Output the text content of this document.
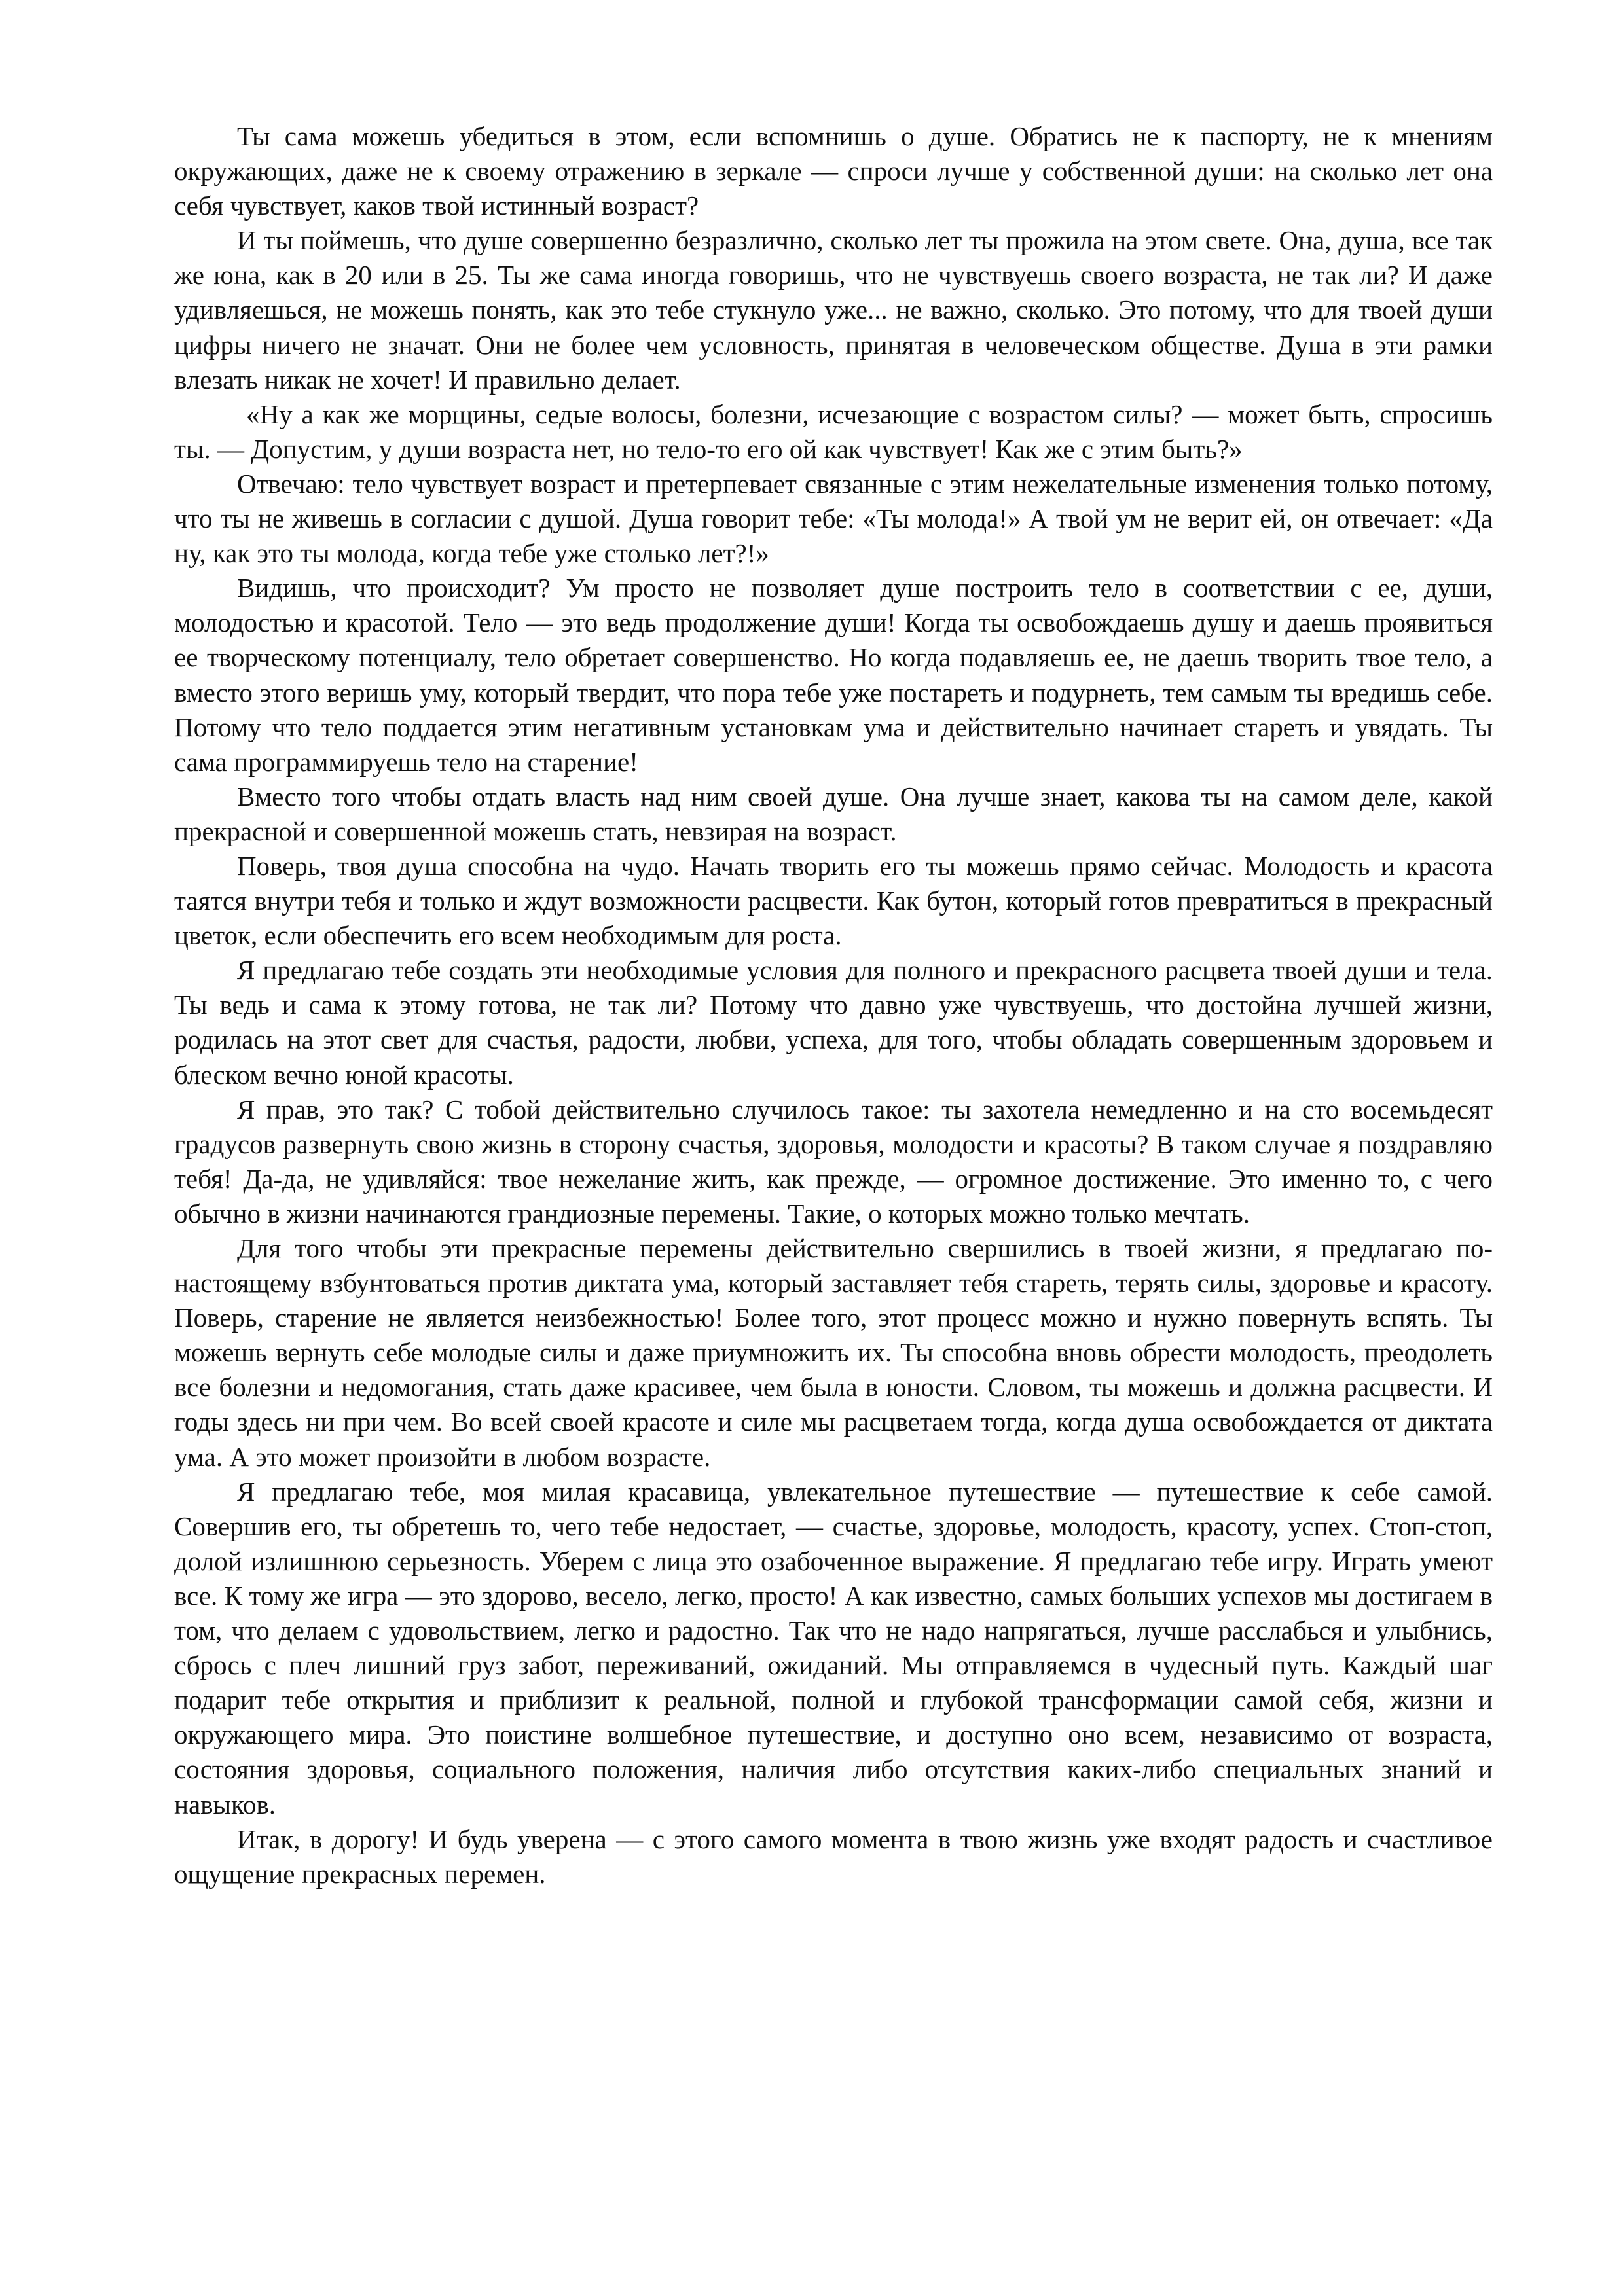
Ты сама можешь убедиться в этом, если вспомнишь о душе. Обратись не к паспорту, не к мнениям окружающих, даже не к своему отражению в зеркале — спроси лучше у собственной души: на сколько лет она себя чувствует, каков твой истинный возраст?

И ты поймешь, что душе совершенно безразлично, сколько лет ты прожила на этом свете. Она, душа, все так же юна, как в 20 или в 25. Ты же сама иногда говоришь, что не чувствуешь своего возраста, не так ли? И даже удивляешься, не можешь понять, как это тебе стукнуло уже... не важно, сколько. Это потому, что для твоей души цифры ничего не значат. Они не более чем условность, принятая в человеческом обществе. Душа в эти рамки влезать никак не хочет! И правильно делает.

«Ну а как же морщины, седые волосы, болезни, исчезающие с возрастом силы? — может быть, спросишь ты. — Допустим, у души возраста нет, но тело-то его ой как чувствует! Как же с этим быть?»

Отвечаю: тело чувствует возраст и претерпевает связанные с этим нежелательные изменения только потому, что ты не живешь в согласии с душой. Душа говорит тебе: «Ты молода!» А твой ум не верит ей, он отвечает: «Да ну, как это ты молода, когда тебе уже столько лет?!»

Видишь, что происходит? Ум просто не позволяет душе построить тело в соответствии с ее, души, молодостью и красотой. Тело — это ведь продолжение души! Когда ты освобождаешь душу и даешь проявиться ее творческому потенциалу, тело обретает совершенство. Но когда подавляешь ее, не даешь творить твое тело, а вместо этого веришь уму, который твердит, что пора тебе уже постареть и подурнеть, тем самым ты вредишь себе. Потому что тело поддается этим негативным установкам ума и действительно начинает стареть и увядать. Ты сама программируешь тело на старение!

Вместо того чтобы отдать власть над ним своей душе. Она лучше знает, какова ты на самом деле, какой прекрасной и совершенной можешь стать, невзирая на возраст.

Поверь, твоя душа способна на чудо. Начать творить его ты можешь прямо сейчас. Молодость и красота таятся внутри тебя и только и ждут возможности расцвести. Как бутон, который готов превратиться в прекрасный цветок, если обеспечить его всем необходимым для роста.

Я предлагаю тебе создать эти необходимые условия для полного и прекрасного расцвета твоей души и тела. Ты ведь и сама к этому готова, не так ли? Потому что давно уже чувствуешь, что достойна лучшей жизни, родилась на этот свет для счастья, радости, любви, успеха, для того, чтобы обладать совершенным здоровьем и блеском вечно юной красоты.

Я прав, это так? С тобой действительно случилось такое: ты захотела немедленно и на сто восемьдесят градусов развернуть свою жизнь в сторону счастья, здоровья, молодости и красоты? В таком случае я поздравляю тебя! Да-да, не удивляйся: твое нежелание жить, как прежде, — огромное достижение. Это именно то, с чего обычно в жизни начинаются грандиозные перемены. Такие, о которых можно только мечтать.

Для того чтобы эти прекрасные перемены действительно свершились в твоей жизни, я предлагаю по-настоящему взбунтоваться против диктата ума, который заставляет тебя стареть, терять силы, здоровье и красоту. Поверь, старение не является неизбежностью! Более того, этот процесс можно и нужно повернуть вспять. Ты можешь вернуть себе молодые силы и даже приумножить их. Ты способна вновь обрести молодость, преодолеть все болезни и недомогания, стать даже красивее, чем была в юности. Словом, ты можешь и должна расцвести. И годы здесь ни при чем. Во всей своей красоте и силе мы расцветаем тогда, когда душа освобождается от диктата ума. А это может произойти в любом возрасте.

Я предлагаю тебе, моя милая красавица, увлекательное путешествие — путешествие к себе самой. Совершив его, ты обретешь то, чего тебе недостает, — счастье, здоровье, молодость, красоту, успех. Стоп-стоп, долой излишнюю серьезность. Уберем с лица это озабоченное выражение. Я предлагаю тебе игру. Играть умеют все. К тому же игра — это здорово, весело, легко, просто! А как известно, самых больших успехов мы достигаем в том, что делаем с удовольствием, легко и радостно. Так что не надо напрягаться, лучше расслабься и улыбнись, сбрось с плеч лишний груз забот, переживаний, ожиданий. Мы отправляемся в чудесный путь. Каждый шаг подарит тебе открытия и приблизит к реальной, полной и глубокой трансформации самой себя, жизни и окружающего мира. Это поистине волшебное путешествие, и доступно оно всем, независимо от возраста, состояния здоровья, социального положения, наличия либо отсутствия каких-либо специальных знаний и навыков.

Итак, в дорогу! И будь уверена — с этого самого момента в твою жизнь уже входят радость и счастливое ощущение прекрасных перемен.
